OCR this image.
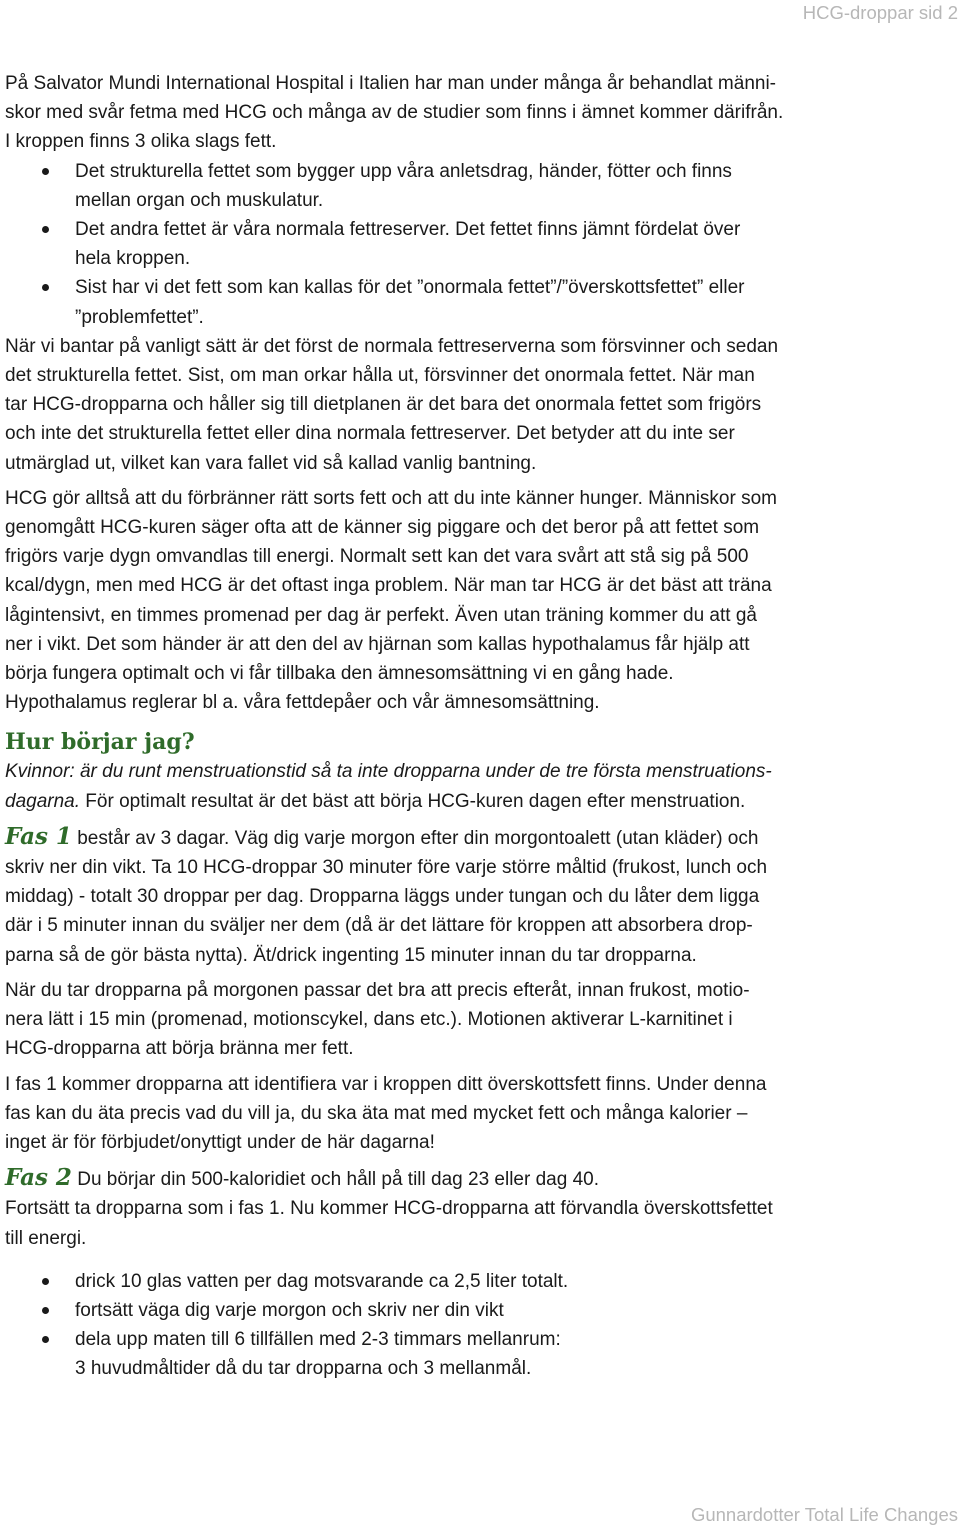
HCG-droppar sid 2

På Salvator Mundi International Hospital i Italien har man under många år behandlat männi-
skor med svår fetma med HCG och många av de studier som finns i ämnet kommer därifrån.
I kroppen finns 3 olika slags fett.

Det strukturella fettet som bygger upp våra anletsdrag, händer, fötter och finns
mellan organ och muskulatur.
Det andra fettet är våra normala fettreserver. Det fettet finns jämnt fördelat över
hela kroppen.
Sist har vi det fett som kan kallas för det ”onormala fettet”/”överskottsfettet” eller
”problemfettet”.

När vi bantar på vanligt sätt är det först de normala fettreserverna som försvinner och sedan
det strukturella fettet. Sist, om man orkar hålla ut, försvinner det onormala fettet. När man
tar HCG-dropparna och håller sig till dietplanen är det bara det onormala fettet som frigörs
och inte det strukturella fettet eller dina normala fettreserver. Det betyder att du inte ser
utmärglad ut, vilket kan vara fallet vid så kallad vanlig bantning.

HCG gör alltså att du förbränner rätt sorts fett och att du inte känner hunger. Människor som
genomgått HCG-kuren säger ofta att de känner sig piggare och det beror på att fettet som
frigörs varje dygn omvandlas till energi. Normalt sett kan det vara svårt att stå sig på 500
kcal/dygn, men med HCG är det oftast inga problem. När man tar HCG är det bäst att träna
lågintensivt, en timmes promenad per dag är perfekt. Även utan träning kommer du att gå
ner i vikt. Det som händer är att den del av hjärnan som kallas hypothalamus får hjälp att
börja fungera optimalt och vi får tillbaka den ämnesomsättning vi en gång hade.
Hypothalamus reglerar bl a. våra fettdepåer och vår ämnesomsättning.

Hur börjar jag?

Kvinnor: är du runt menstruationstid så ta inte dropparna under de tre första menstruations-
dagarna. För optimalt resultat är det bäst att börja HCG-kuren dagen efter menstruation.

Fas 1 består av 3 dagar. Väg dig varje morgon efter din morgontoalett (utan kläder) och
skriv ner din vikt. Ta 10 HCG-droppar 30 minuter före varje större måltid (frukost, lunch och
middag) - totalt 30 droppar per dag. Dropparna läggs under tungan och du låter dem ligga
där i 5 minuter innan du sväljer ner dem (då är det lättare för kroppen att absorbera drop-
parna så de gör bästa nytta). Ät/drick ingenting 15 minuter innan du tar dropparna.

När du tar dropparna på morgonen passar det bra att precis efteråt, innan frukost, motio-
nera lätt i 15 min (promenad, motionscykel, dans etc.). Motionen aktiverar L-karnitinet i
HCG-dropparna att börja bränna mer fett.

I fas 1 kommer dropparna att identifiera var i kroppen ditt överskottsfett finns. Under denna
fas kan du äta precis vad du vill ja, du ska äta mat med mycket fett och många kalorier –
inget är för förbjudet/onyttigt under de här dagarna!

Fas 2 Du börjar din 500-kaloridiet och håll på till dag 23 eller dag 40.
Fortsätt ta dropparna som i fas 1. Nu kommer HCG-dropparna att förvandla överskottsfettet
till energi.

drick 10 glas vatten per dag motsvarande ca 2,5 liter totalt.
fortsätt väga dig varje morgon och skriv ner din vikt
dela upp maten till 6 tillfällen med 2-3 timmars mellanrum:
3 huvudmåltider då du tar dropparna och 3 mellanmål.
Gunnardotter Total Life Changes
